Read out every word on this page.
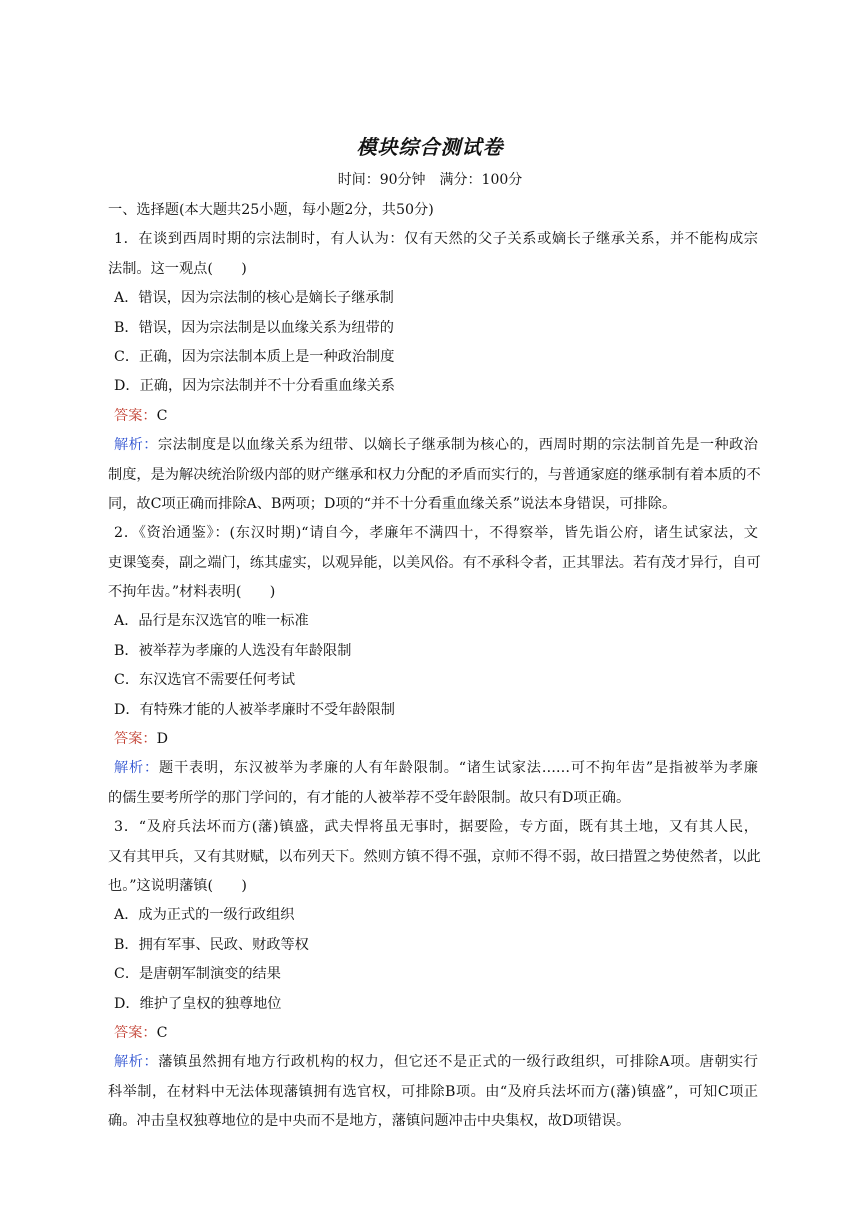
模块综合测试卷
时间：90分钟　满分：100分
一、选择题(本大题共25小题，每小题2分，共50分)
1．在谈到西周时期的宗法制时，有人认为：仅有天然的父子关系或嫡长子继承关系，并不能构成宗
法制。这一观点(　　)
A．错误，因为宗法制的核心是嫡长子继承制
B．错误，因为宗法制是以血缘关系为纽带的
C．正确，因为宗法制本质上是一种政治制度
D．正确，因为宗法制并不十分看重血缘关系
答案：C
解析：宗法制度是以血缘关系为纽带、以嫡长子继承制为核心的，西周时期的宗法制首先是一种政治
制度，是为解决统治阶级内部的财产继承和权力分配的矛盾而实行的，与普通家庭的继承制有着本质的不
同，故C项正确而排除A、B两项；D项的“并不十分看重血缘关系”说法本身错误，可排除。
2．《资治通鉴》：(东汉时期)“请自今，孝廉年不满四十，不得察举，皆先诣公府，诸生试家法，文
吏课笺奏，副之端门，练其虚实，以观异能，以美风俗。有不承科令者，正其罪法。若有茂才异行，自可
不拘年齿。”材料表明(　　)
A．品行是东汉选官的唯一标准
B．被举荐为孝廉的人选没有年龄限制
C．东汉选官不需要任何考试
D．有特殊才能的人被举孝廉时不受年龄限制
答案：D
解析：题干表明，东汉被举为孝廉的人有年龄限制。“诸生试家法……可不拘年齿”是指被举为孝廉
的儒生要考所学的那门学问的，有才能的人被举荐不受年龄限制。故只有D项正确。
3．“及府兵法坏而方(藩)镇盛，武夫悍将虽无事时，据要险，专方面，既有其土地，又有其人民，
又有其甲兵，又有其财赋，以布列天下。然则方镇不得不强，京师不得不弱，故曰措置之势使然者，以此
也。”这说明藩镇(　　)
A．成为正式的一级行政组织
B．拥有军事、民政、财政等权
C．是唐朝军制演变的结果
D．维护了皇权的独尊地位
答案：C
解析：藩镇虽然拥有地方行政机构的权力，但它还不是正式的一级行政组织，可排除A项。唐朝实行
科举制，在材料中无法体现藩镇拥有选官权，可排除B项。由“及府兵法坏而方(藩)镇盛”，可知C项正
确。冲击皇权独尊地位的是中央而不是地方，藩镇问题冲击中央集权，故D项错误。
